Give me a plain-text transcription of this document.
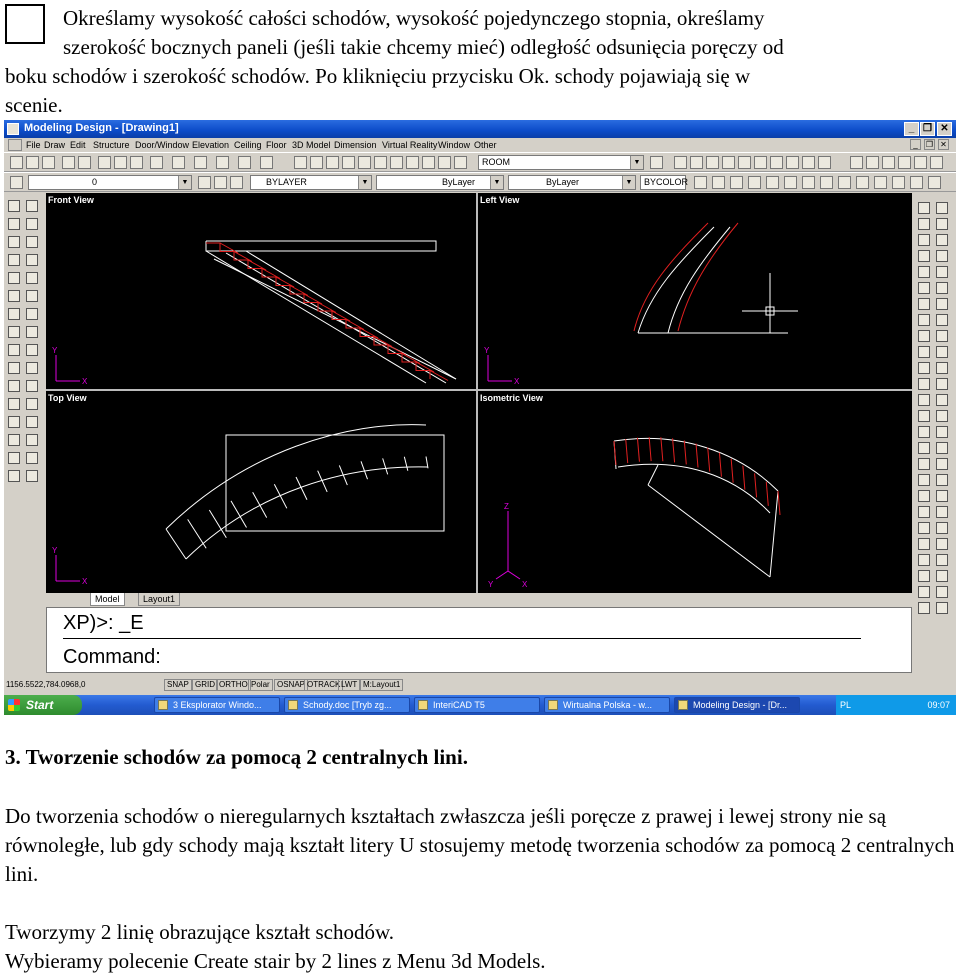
Określamy wysokość całości schodów, wysokość pojedynczego stopnia, określamy
szerokość bocznych paneli (jeśli takie chcemy mieć) odległość odsunięcia poręczy od
boku schodów i szerokość schodów. Po kliknięciu przycisku Ok. schody pojawiają się w
scenie.
Modeling Design - [Drawing1]	_ ❐ ✕
File Draw Edit Structure Door/Window Elevation Ceiling Floor 3D Model Dimension Virtual Reality Window Other	_	❐ ✕
ROOM	▼
0	▼	BYLAYER	▼	ByLayer	▼	ByLayer	▼	BYCOLOR
Front View
Y
X
Left View
Y
X
Top View
Y
X
Isometric View
Z
X
Y
Model	Layout1
XP)>: _E
Command:
1156.5522,784.0968,0	SNAP GRID ORTHO Polar OSNAP OTRACK LWT M:Layout1
Start	3 Eksplorator Windo...	Schody.doc [Tryb zg...	InteriCAD T5	Wirtualna Polska - w...	Modeling Design - [Dr...	PL	09:07
3. Tworzenie schodów za pomocą 2 centralnych lini.
Do tworzenia schodów o nieregularnych kształtach zwłaszcza jeśli poręcze z prawej i lewej strony nie są równoległe, lub gdy schody mają kształt litery U stosujemy metodę tworzenia schodów za pomocą 2 centralnych lini.
Tworzymy 2 linię obrazujące kształt schodów.
Wybieramy polecenie Create stair by 2 lines z Menu 3d Models.
